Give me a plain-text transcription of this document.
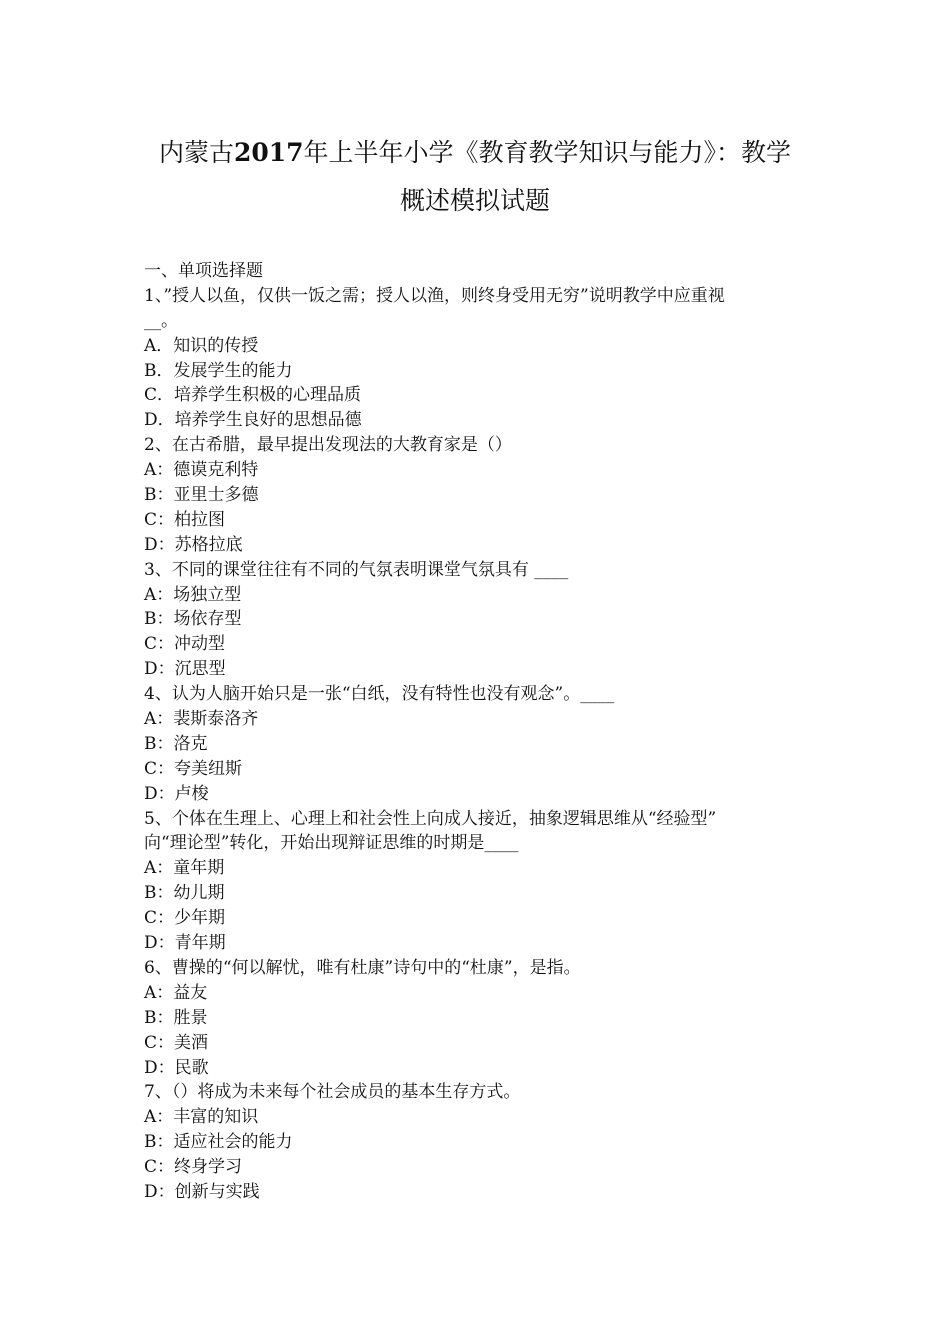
内蒙古2017年上半年小学《教育教学知识与能力》：教学
概述模拟试题
一、单项选择题
1、”授人以鱼，仅供一饭之需；授人以渔，则终身受用无穷”说明教学中应重视
__。
A．知识的传授
B．发展学生的能力
C．培养学生积极的心理品质
D．培养学生良好的思想品德
2、在古希腊，最早提出发现法的大教育家是（）
A：德谟克利特
B：亚里士多德
C：柏拉图
D：苏格拉底
3、不同的课堂往往有不同的气氛表明课堂气氛具有 ____
A：场独立型
B：场依存型
C：冲动型
D：沉思型
4、认为人脑开始只是一张“白纸，没有特性也没有观念”。____
A：裴斯泰洛齐
B：洛克
C：夸美纽斯
D：卢梭
5、个体在生理上、心理上和社会性上向成人接近，抽象逻辑思维从“经验型”
向“理论型”转化，开始出现辩证思维的时期是____
A：童年期
B：幼儿期
C：少年期
D：青年期
6、曹操的“何以解忧，唯有杜康”诗句中的“杜康”，是指。
A：益友
B：胜景
C：美酒
D：民歌
7、（）将成为未来每个社会成员的基本生存方式。
A：丰富的知识
B：适应社会的能力
C：终身学习
D：创新与实践
